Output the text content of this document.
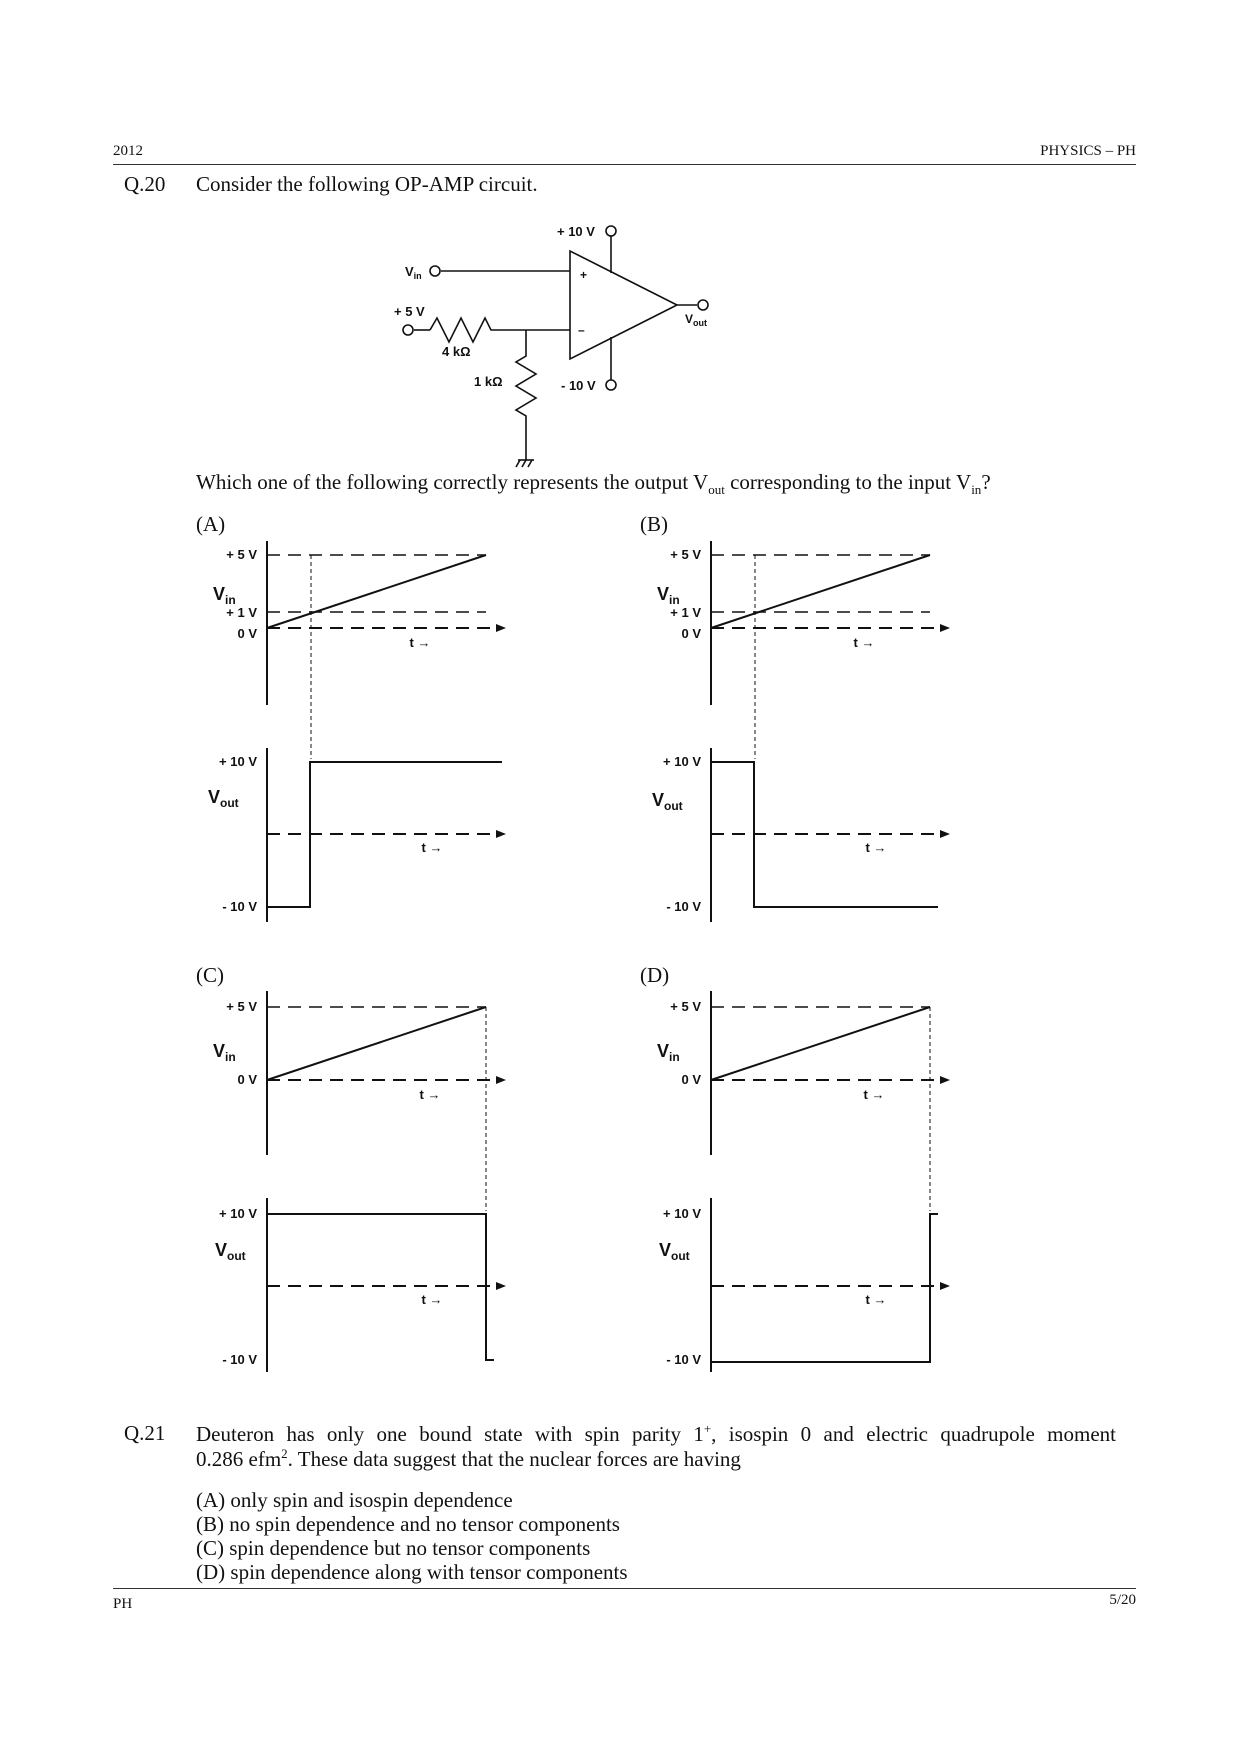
2012	PHYSICS – PH
Q.20 Consider the following OP-AMP circuit.
+
–
$V_{in}$
+ 10 V
- 10 V
+ 5 V
4 kΩ
1 kΩ
$V_{out}$
Which one of the following correctly represents the output $V_{out}$ corresponding to the input $V_{in}$?
(A)	(B)
(C)	(D)
+ 5 V
$V_{in}$
+ 1 V
0 V
t →
+ 10 V
$V_{out}$
t →
- 10 V
+ 5 V
$V_{in}$
+ 1 V
0 V
t →
+ 10 V
$V_{out}$
t →
- 10 V
+ 5 V
$V_{in}$
0 V
t →
+ 10 V
$V_{out}$
t →
- 10 V
+ 5 V
$V_{in}$
0 V
t →
+ 10 V
$V_{out}$
t →
- 10 V
Q.21 Deuteron has only one bound state with spin parity 1+, isospin 0 and electric quadrupole moment
0.286 efm$^2$. These data suggest that the nuclear forces are having
(A) only spin and isospin dependence
(B) no spin dependence and no tensor components
(C) spin dependence but no tensor components
(D) spin dependence along with tensor components
PH	5/20
